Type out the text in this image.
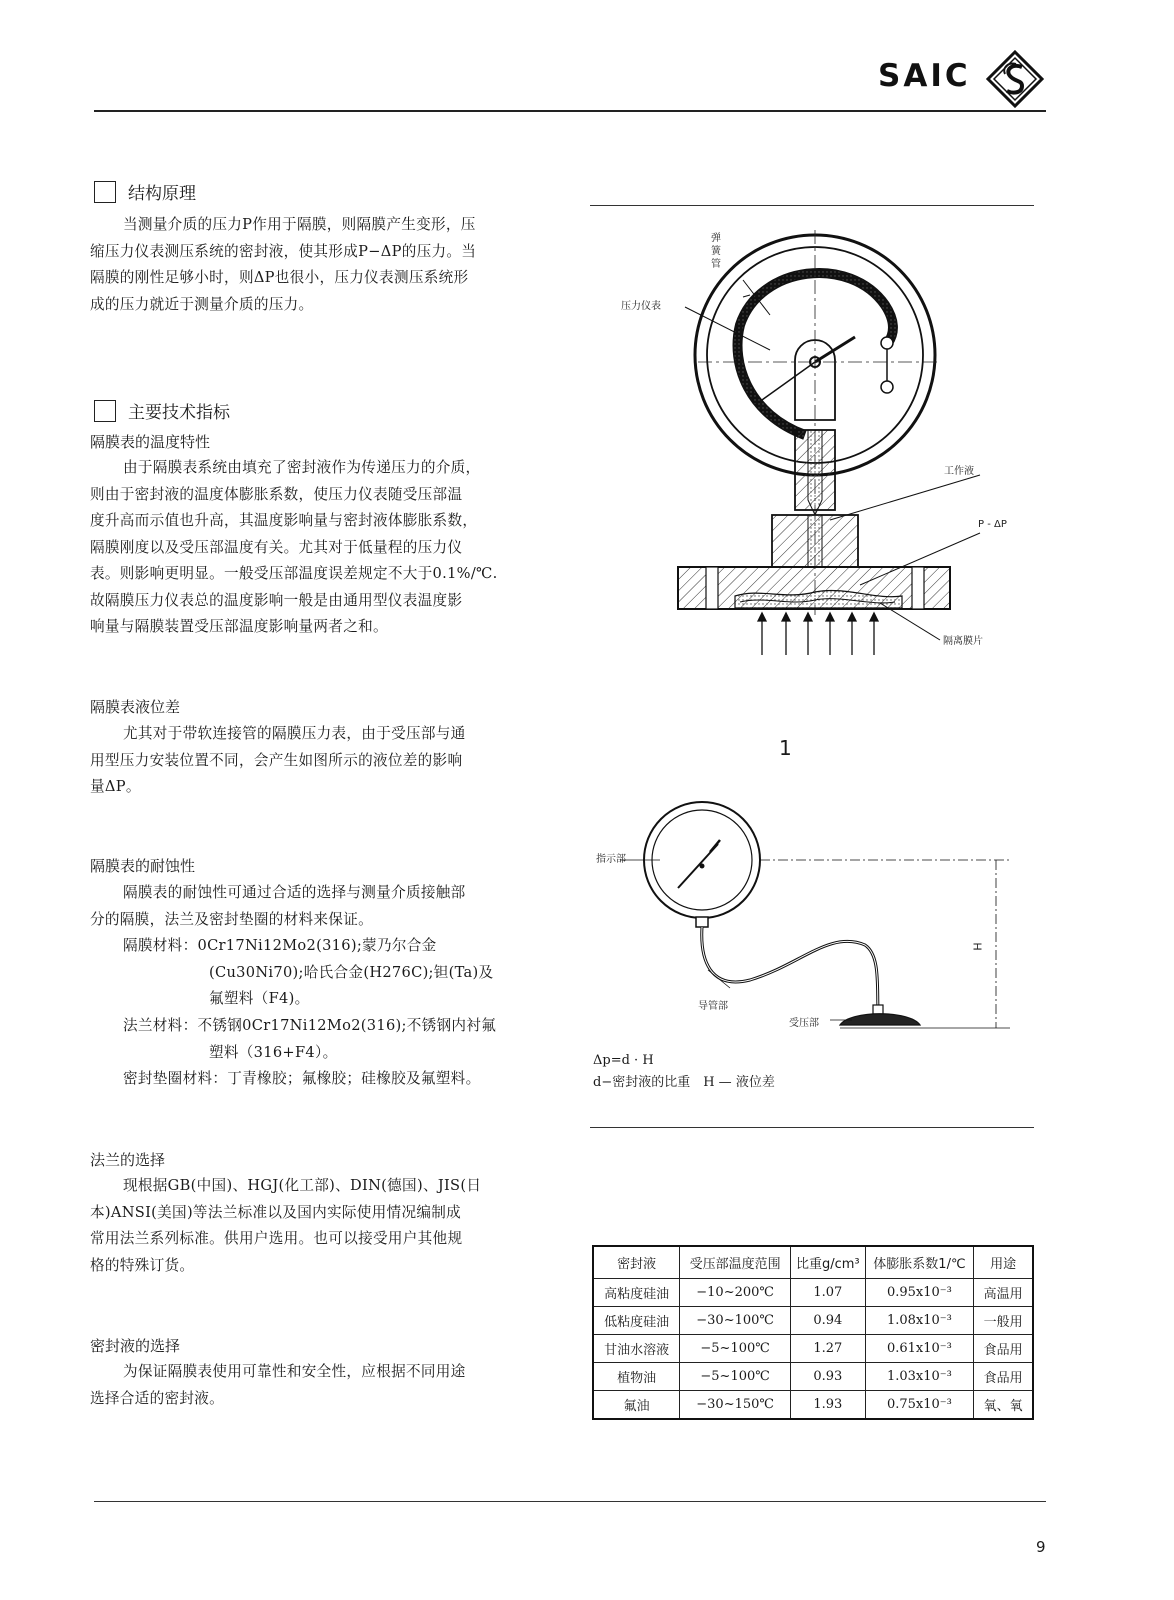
SAIC
结构原理

当测量介质的压力P作用于隔膜，则隔膜产生变形，压

缩压力仪表测压系统的密封液，使其形成P−ΔP的压力。当

隔膜的刚性足够小时，则ΔP也很小，压力仪表测压系统形

成的压力就近于测量介质的压力。

主要技术指标
隔膜表的温度特性

由于隔膜表系统由填充了密封液作为传递压力的介质，

则由于密封液的温度体膨胀系数，使压力仪表随受压部温

度升高而示值也升高，其温度影响量与密封液体膨胀系数，

隔膜刚度以及受压部温度有关。尤其对于低量程的压力仪

表。则影响更明显。一般受压部温度误差规定不大于0.1%/℃.

故隔膜压力仪表总的温度影响一般是由通用型仪表温度影

响量与隔膜装置受压部温度影响量两者之和。

隔膜表液位差

尤其对于带软连接管的隔膜压力表，由于受压部与通

用型压力安装位置不同，会产生如图所示的液位差的影响

量ΔP。

隔膜表的耐蚀性

隔膜表的耐蚀性可通过合适的选择与测量介质接触部

分的隔膜，法兰及密封垫圈的材料来保证。

隔膜材料：0Cr17Ni12Mo2(316);蒙乃尔合金
(Cu30Ni70);哈氏合金(H276C);钽(Ta)及
氟塑料（F4)。
法兰材料：不锈钢0Cr17Ni12Mo2(316);不锈钢内衬氟
塑料（316+F4）。
密封垫圈材料：丁青橡胶；氟橡胶；硅橡胶及氟塑料。
法兰的选择

现根据GB(中国)、HGJ(化工部)、DIN(德国)、JIS(日

本)ANSI(美国)等法兰标准以及国内实际使用情况编制成

常用法兰系列标准。供用户选用。也可以接受用户其他规

格的特殊订货。

密封液的选择

为保证隔膜表使用可靠性和安全性，应根据不同用途

选择合适的密封液。

弹
簧
管
压力仪表
工作液
P - ΔP
隔离膜片
1
指示部
导管部
受压部
H
Δp=d · H
d−密封液的比重　H — 液位差
密封液	受压部温度范围	比重g/cm³	体膨胀系数1/℃	用途
高粘度硅油	−10~200℃	1.07	0.95x10⁻³	高温用
低粘度硅油	−30~100℃	0.94	1.08x10⁻³	一般用
甘油水溶液	−5~100℃	1.27	0.61x10⁻³	食品用
植物油	−5~100℃	0.93	1.03x10⁻³	食品用
氟油	−30~150℃	1.93	0.75x10⁻³	氧、氧
9
